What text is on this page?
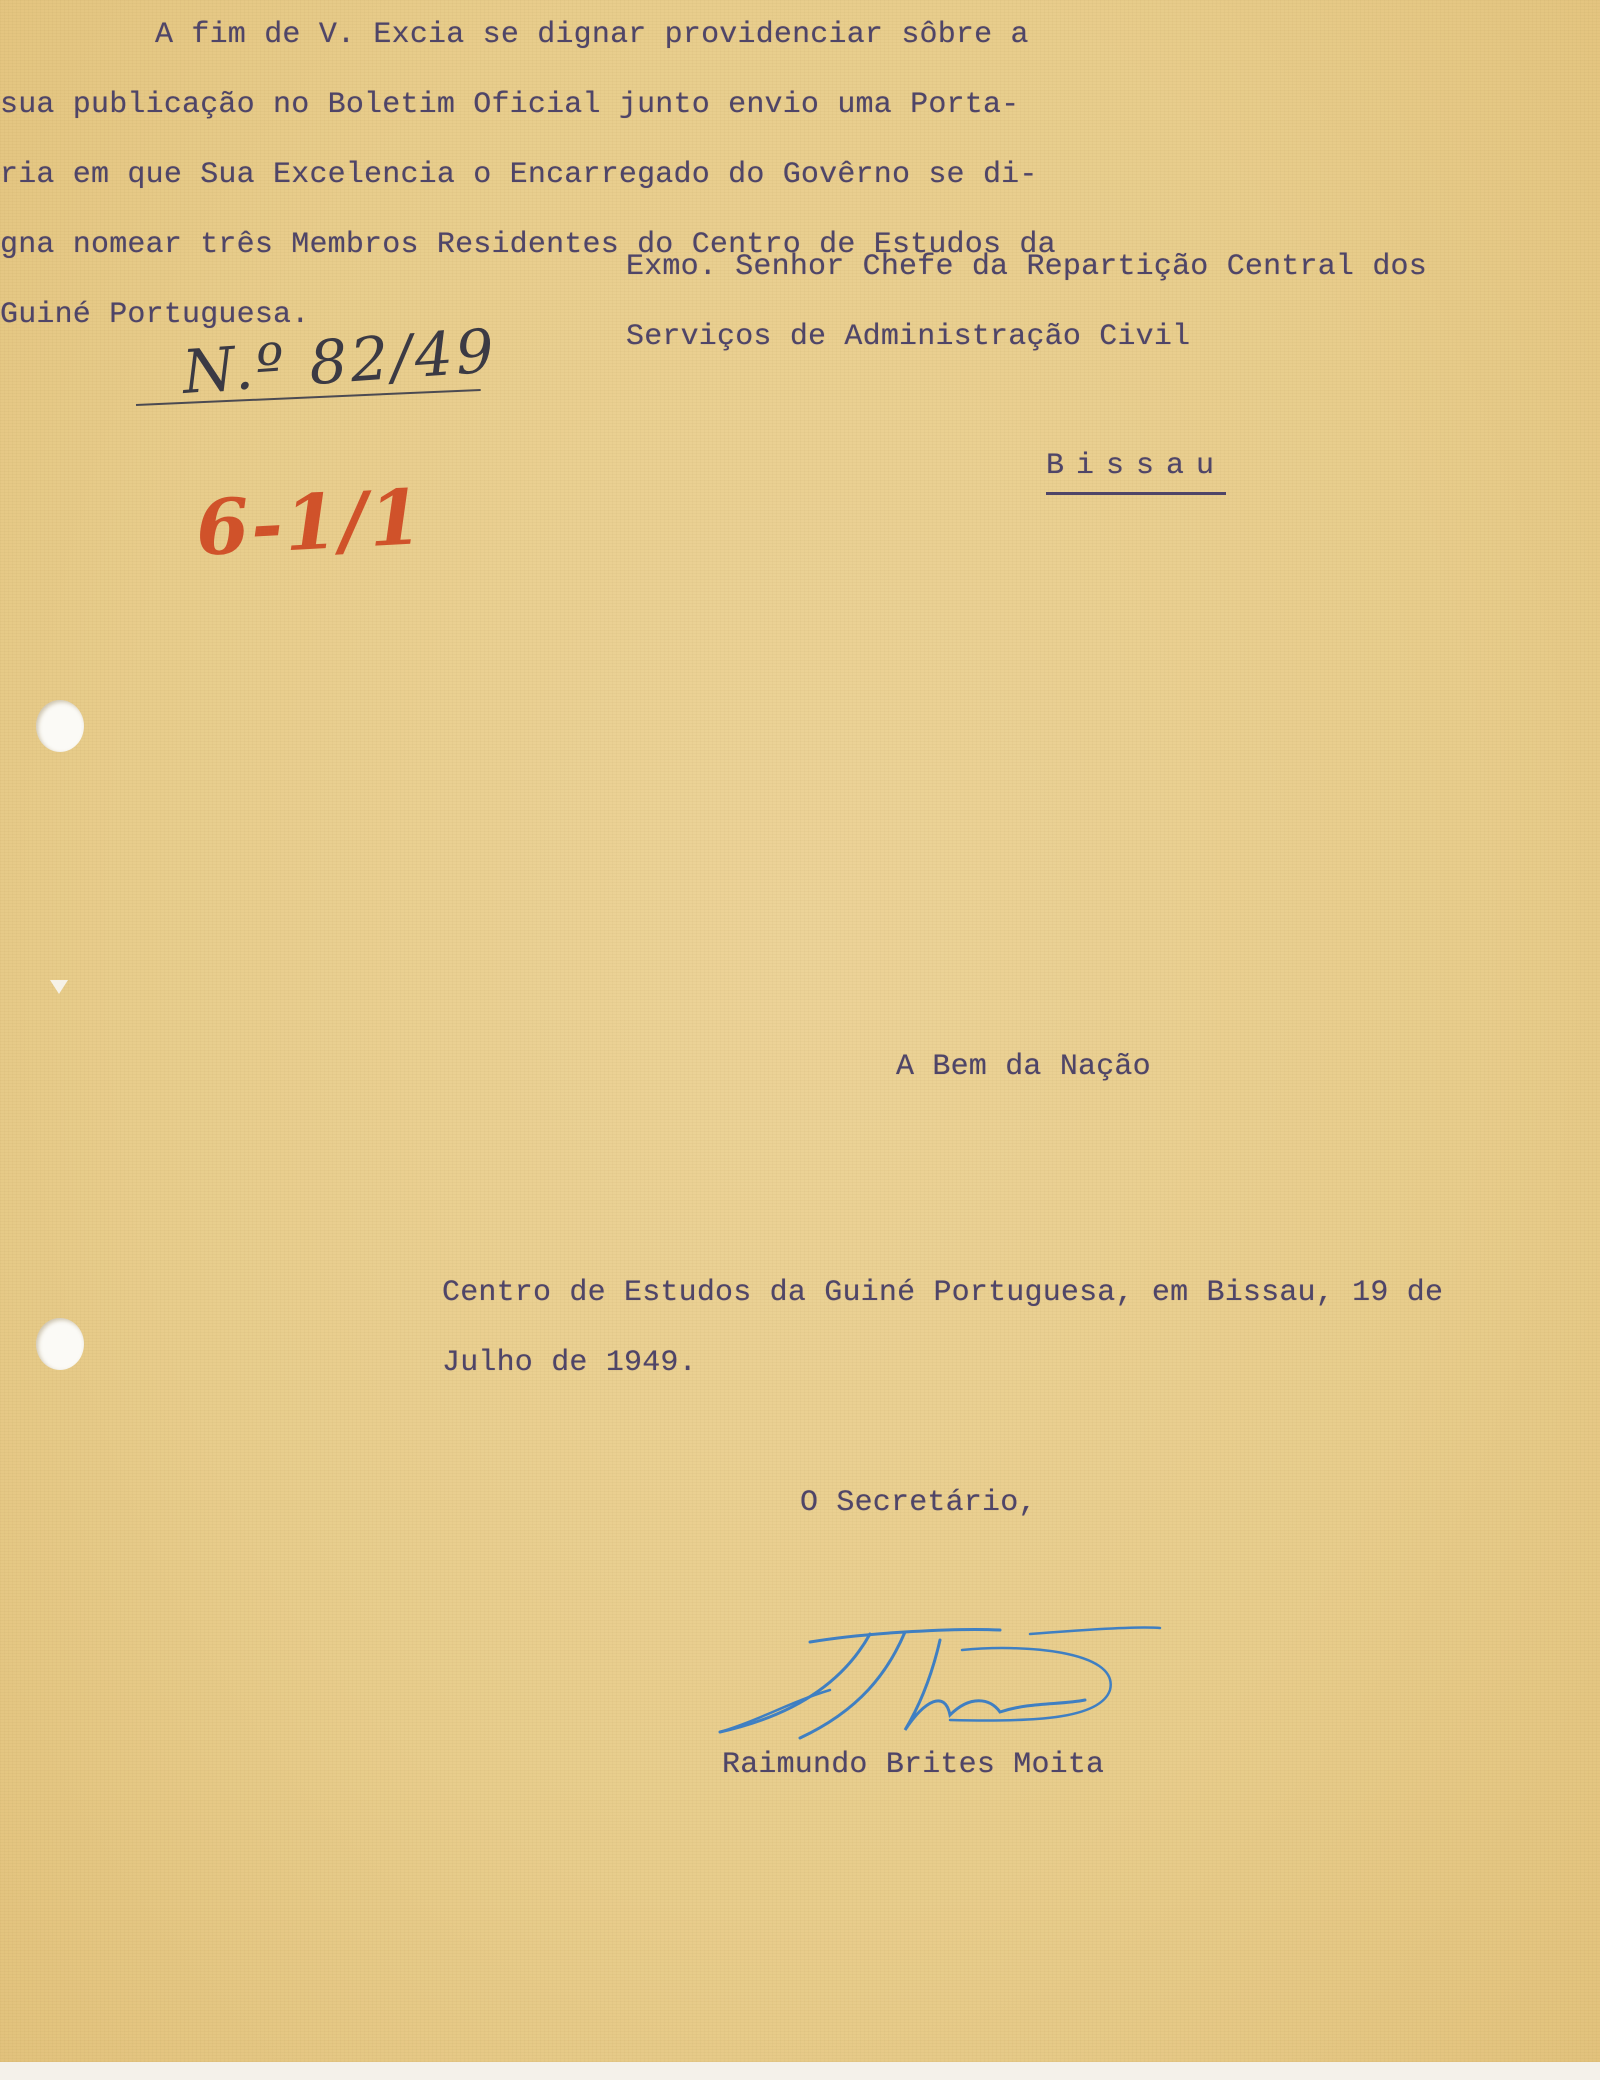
Exmo. Senhor Chefe da Repartição Central dos

Serviços de Administração Civil

Bissau

N.º 82/49
6-1/1

A fim de V. Excia se dignar providenciar sôbre a

sua publicação no Boletim Oficial junto envio uma Porta-

ria em que Sua Excelencia o Encarregado do Govêrno se di-

gna nomear três Membros Residentes do Centro de Estudos da

Guiné Portuguesa.

A Bem da Nação

Centro de Estudos da Guiné Portuguesa, em Bissau, 19 de

Julho de 1949.

O Secretário,

Raimundo Brites Moita
